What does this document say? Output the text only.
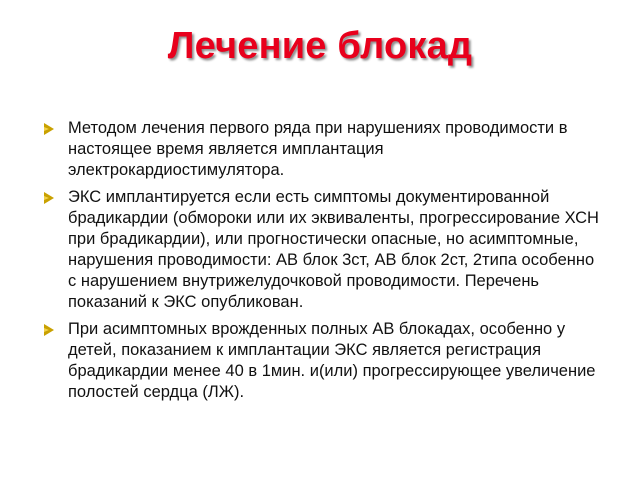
Лечение блокад
Методом лечения первого ряда при нарушениях проводимости в настоящее время является имплантация электрокардиостимулятора.
ЭКС имплантируется если есть симптомы документированной брадикардии (обмороки или их эквиваленты, прогрессирование ХСН при брадикардии), или прогностически опасные, но асимптомные, нарушения проводимости: АВ блок 3ст, АВ блок 2ст, 2типа особенно с нарушением внутрижелудочковой проводимости. Перечень показаний к ЭКС опубликован.
При асимптомных врожденных полных АВ блокадах, особенно у детей, показанием к имплантации ЭКС является регистрация брадикардии менее 40 в 1мин. и(или) прогрессирующее увеличение полостей сердца (ЛЖ).
